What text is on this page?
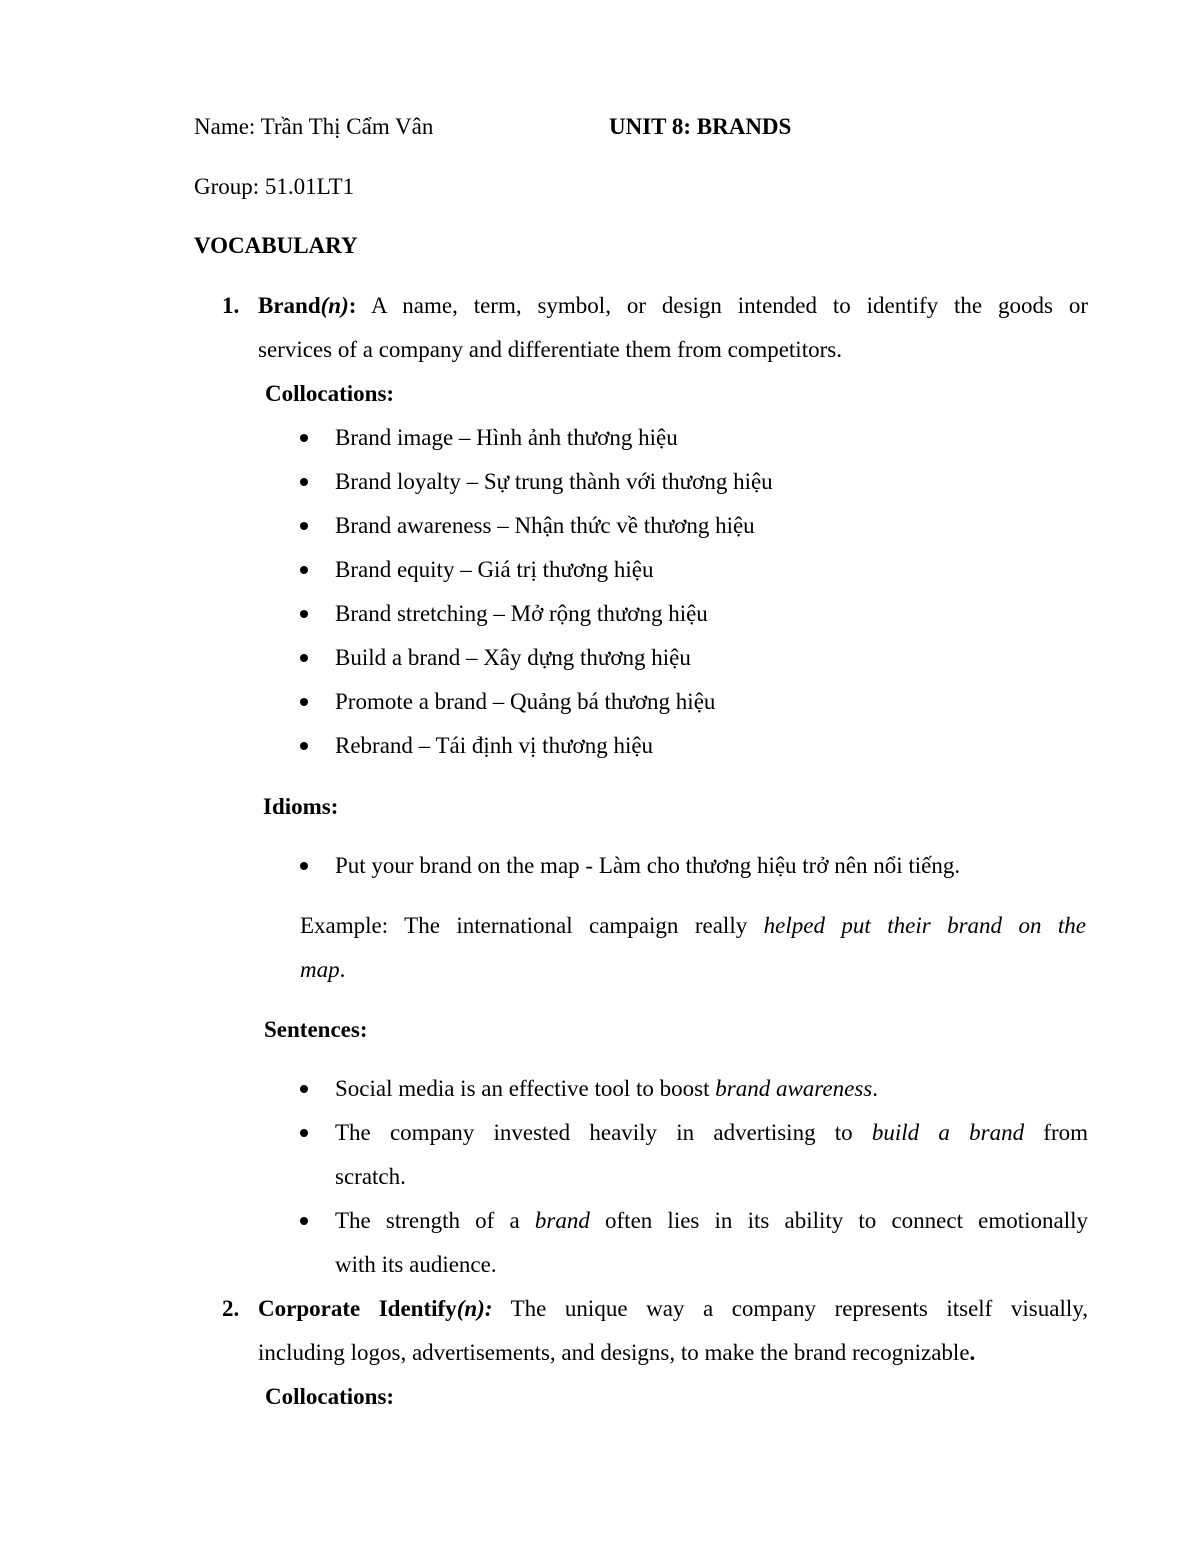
Name: Trần Thị Cẩm Vân	UNIT 8: BRANDS
Group: 51.01LT1
VOCABULARY
1. Brand(n): A name, term, symbol, or design intended to identify the goods or
services of a company and differentiate them from competitors.
Collocations:
Brand image – Hình ảnh thương hiệu
Brand loyalty – Sự trung thành với thương hiệu
Brand awareness – Nhận thức về thương hiệu
Brand equity – Giá trị thương hiệu
Brand stretching – Mở rộng thương hiệu
Build a brand – Xây dựng thương hiệu
Promote a brand – Quảng bá thương hiệu
Rebrand – Tái định vị thương hiệu
Idioms:
Put your brand on the map - Làm cho thương hiệu trở nên nổi tiếng.
Example: The international campaign really helped put their brand on the
map.
Sentences:
Social media is an effective tool to boost brand awareness.
The company invested heavily in advertising to build a brand from
scratch.
The strength of a brand often lies in its ability to connect emotionally
with its audience.
2. Corporate Identify(n): The unique way a company represents itself visually,
including logos, advertisements, and designs, to make the brand recognizable.
Collocations:
